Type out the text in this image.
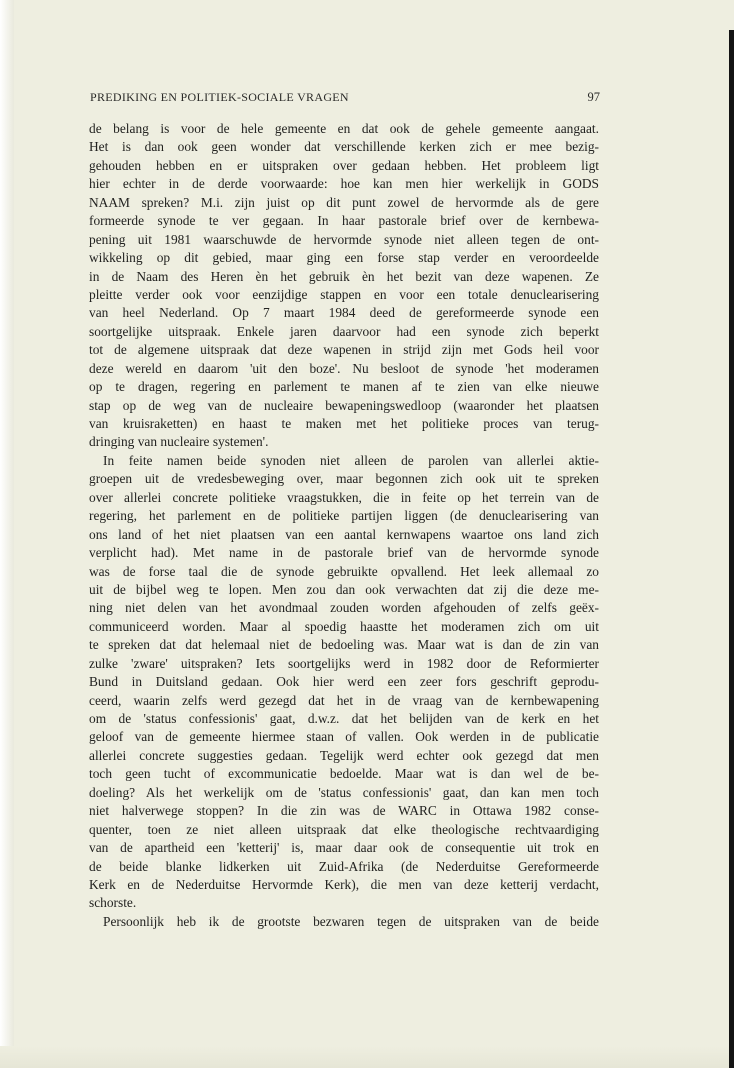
PREDIKING EN POLITIEK-SOCIALE VRAGEN	97
de belang is voor de hele gemeente en dat ook de gehele gemeente aangaat.
Het is dan ook geen wonder dat verschillende kerken zich er mee bezig-
gehouden hebben en er uitspraken over gedaan hebben. Het probleem ligt
hier echter in de derde voorwaarde: hoe kan men hier werkelijk in GODS
NAAM spreken? M.i. zijn juist op dit punt zowel de hervormde als de gere
formeerde synode te ver gegaan. In haar pastorale brief over de kernbewa-
pening uit 1981 waarschuwde de hervormde synode niet alleen tegen de ont-
wikkeling op dit gebied, maar ging een forse stap verder en veroordeelde
in de Naam des Heren èn het gebruik èn het bezit van deze wapenen. Ze
pleitte verder ook voor eenzijdige stappen en voor een totale denuclearisering
van heel Nederland. Op 7 maart 1984 deed de gereformeerde synode een
soortgelijke uitspraak. Enkele jaren daarvoor had een synode zich beperkt
tot de algemene uitspraak dat deze wapenen in strijd zijn met Gods heil voor
deze wereld en daarom 'uit den boze'. Nu besloot de synode 'het moderamen
op te dragen, regering en parlement te manen af te zien van elke nieuwe
stap op de weg van de nucleaire bewapeningswedloop (waaronder het plaatsen
van kruisraketten) en haast te maken met het politieke proces van terug-
dringing van nucleaire systemen'.
In feite namen beide synoden niet alleen de parolen van allerlei aktie-
groepen uit de vredesbeweging over, maar begonnen zich ook uit te spreken
over allerlei concrete politieke vraagstukken, die in feite op het terrein van de
regering, het parlement en de politieke partijen liggen (de denuclearisering van
ons land of het niet plaatsen van een aantal kernwapens waartoe ons land zich
verplicht had). Met name in de pastorale brief van de hervormde synode
was de forse taal die de synode gebruikte opvallend. Het leek allemaal zo
uit de bijbel weg te lopen. Men zou dan ook verwachten dat zij die deze me-
ning niet delen van het avondmaal zouden worden afgehouden of zelfs geëx-
communiceerd worden. Maar al spoedig haastte het moderamen zich om uit
te spreken dat dat helemaal niet de bedoeling was. Maar wat is dan de zin van
zulke 'zware' uitspraken? Iets soortgelijks werd in 1982 door de Reformierter
Bund in Duitsland gedaan. Ook hier werd een zeer fors geschrift geprodu-
ceerd, waarin zelfs werd gezegd dat het in de vraag van de kernbewapening
om de 'status confessionis' gaat, d.w.z. dat het belijden van de kerk en het
geloof van de gemeente hiermee staan of vallen. Ook werden in de publicatie
allerlei concrete suggesties gedaan. Tegelijk werd echter ook gezegd dat men
toch geen tucht of excommunicatie bedoelde. Maar wat is dan wel de be-
doeling? Als het werkelijk om de 'status confessionis' gaat, dan kan men toch
niet halverwege stoppen? In die zin was de WARC in Ottawa 1982 conse-
quenter, toen ze niet alleen uitspraak dat elke theologische rechtvaardiging
van de apartheid een 'ketterij' is, maar daar ook de consequentie uit trok en
de beide blanke lidkerken uit Zuid-Afrika (de Nederduitse Gereformeerde
Kerk en de Nederduitse Hervormde Kerk), die men van deze ketterij verdacht,
schorste.
Persoonlijk heb ik de grootste bezwaren tegen de uitspraken van de beide
